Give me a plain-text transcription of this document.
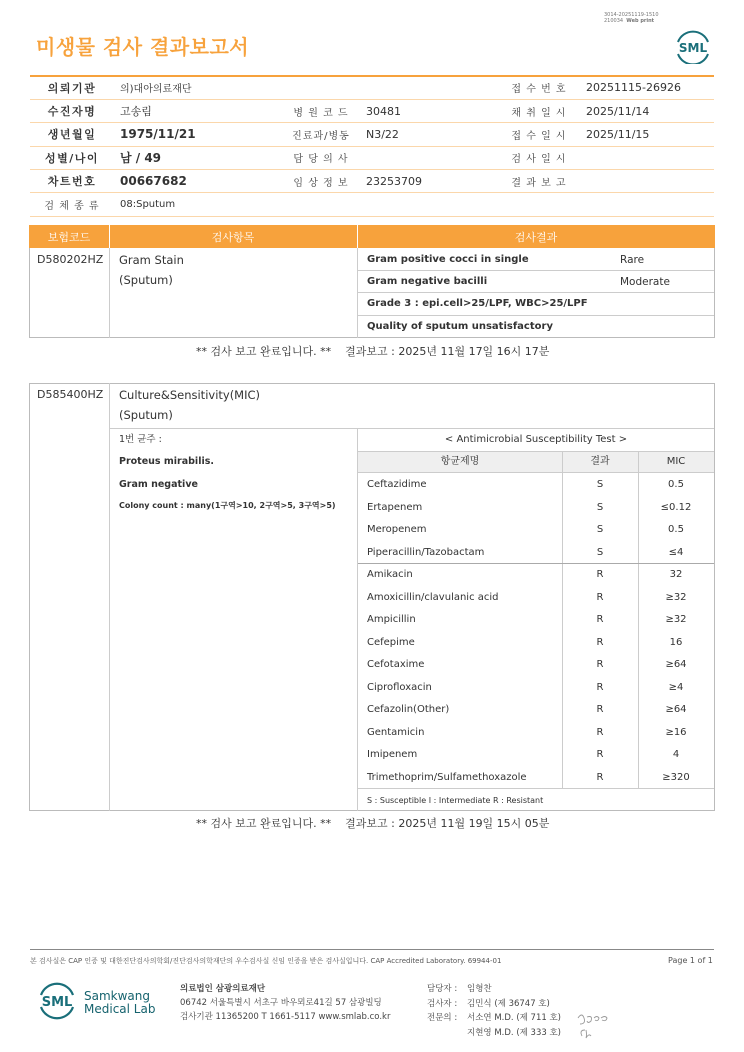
미생물 검사 결과보고서
3014-20251119-1510
210034 Web print
SML
의뢰기관	의)대아의료재단			접 수 번 호	20251115-26926
수진자명	고송림	병 원 코 드	30481	채 취 일 시	2025/11/14
생년월일	1975/11/21	진료과/병동	N3/22	접 수 일 시	2025/11/15
성별/나이	남 / 49	담 당 의 사		검 사 일 시	
차트번호	00667682	임 상 정 보	23253709	결 과 보 고	
검 체 종 류	08:Sputum				
보험코드	검사항목	검사결과
D580202HZ Gram Stain
(Sputum)
Gram positive cocci in single	Rare
Gram negative bacilli	Moderate
Grade 3 : epi.cell>25/LPF, WBC>25/LPF
Quality of sputum unsatisfactory
** 검사 보고 완료입니다. ** 결과보고 : 2025년 11월 17일 16시 17분
D585400HZ Culture&Sensitivity(MIC)
(Sputum)
1번 균주 :
Proteus mirabilis.
Gram negative
Colony count : many(1구역>10, 2구역>5, 3구역>5)
< Antimicrobial Susceptibility Test >
항균제명	결과	MIC
Ceftazidime	S	0.5
Ertapenem	S	≤0.12
Meropenem	S	0.5
Piperacillin/Tazobactam	S	≤4
Amikacin	R	32
Amoxicillin/clavulanic acid	R	≥32
Ampicillin	R	≥32
Cefepime	R	16
Cefotaxime	R	≥64
Ciprofloxacin	R	≥4
Cefazolin(Other)	R	≥64
Gentamicin	R	≥16
Imipenem	R	4
Trimethoprim/Sulfamethoxazole	R	≥320
S : Susceptible I : Intermediate R : Resistant
** 검사 보고 완료입니다. ** 결과보고 : 2025년 11월 19일 15시 05분
본 검사실은 CAP 인증 및 대한진단검사의학회/진단검사의학재단의 우수검사실 신임 인증을 받은 검사실입니다. CAP Accredited Laboratory. 69944-01	Page 1 of 1
SML Samkwang
Medical Lab
의료법인 삼광의료재단
06742 서울특별시 서초구 바우뫼로41길 57 삼광빌딩
검사기관 11365200 T 1661-5117 www.smlab.co.kr
담당자 : 임형찬
검사자 : 김민식 (제 36747 호)
전문의 : 서소연 M.D. (제 711 호)
지현영 M.D. (제 333 호)
